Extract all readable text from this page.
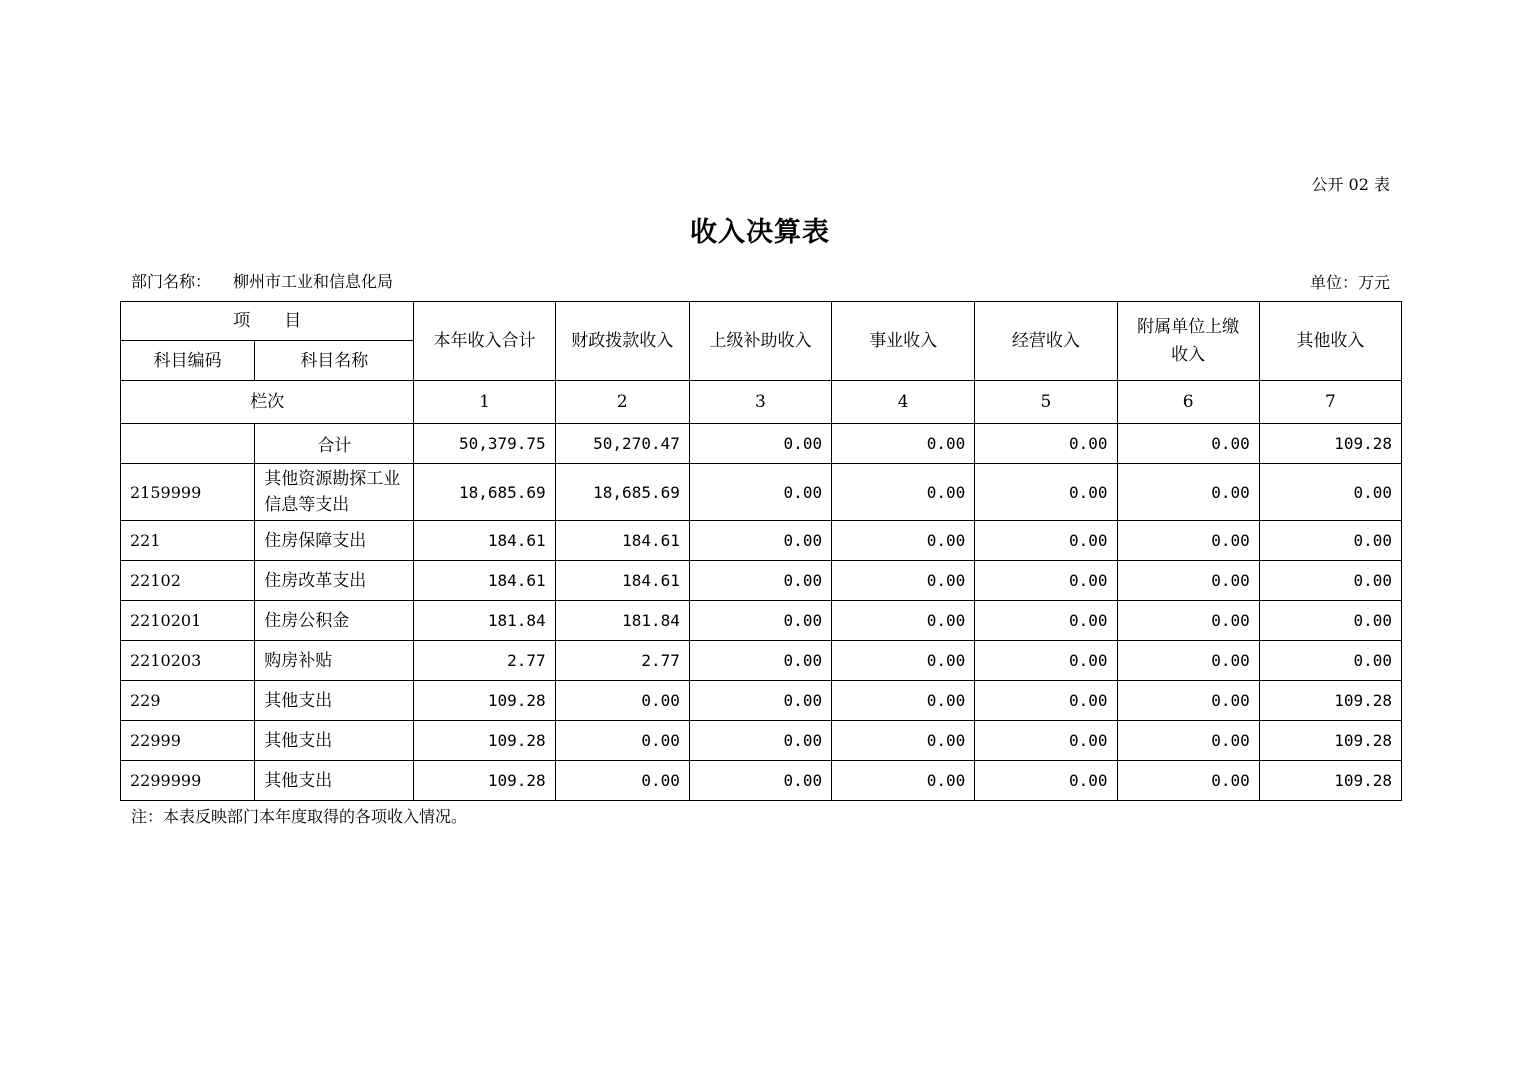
公开 02 表
收入决算表
部门名称： 柳州市工业和信息化局	单位：万元
项　　目		本年收入合计	财政拨款收入	上级补助收入	事业收入	经营收入	附属单位上缴收入	其他收入
科目编码	科目名称							
栏次		1	2	3	4	5	6	7
	合计	50,379.75	50,270.47	0.00	0.00	0.00	0.00	109.28
2159999	其他资源勘探工业信息等支出	18,685.69	18,685.69	0.00	0.00	0.00	0.00	0.00
221	住房保障支出	184.61	184.61	0.00	0.00	0.00	0.00	0.00
22102	住房改革支出	184.61	184.61	0.00	0.00	0.00	0.00	0.00
2210201	住房公积金	181.84	181.84	0.00	0.00	0.00	0.00	0.00
2210203	购房补贴	2.77	2.77	0.00	0.00	0.00	0.00	0.00
229	其他支出	109.28	0.00	0.00	0.00	0.00	0.00	109.28
22999	其他支出	109.28	0.00	0.00	0.00	0.00	0.00	109.28
2299999	其他支出	109.28	0.00	0.00	0.00	0.00	0.00	109.28
注：本表反映部门本年度取得的各项收入情况。
